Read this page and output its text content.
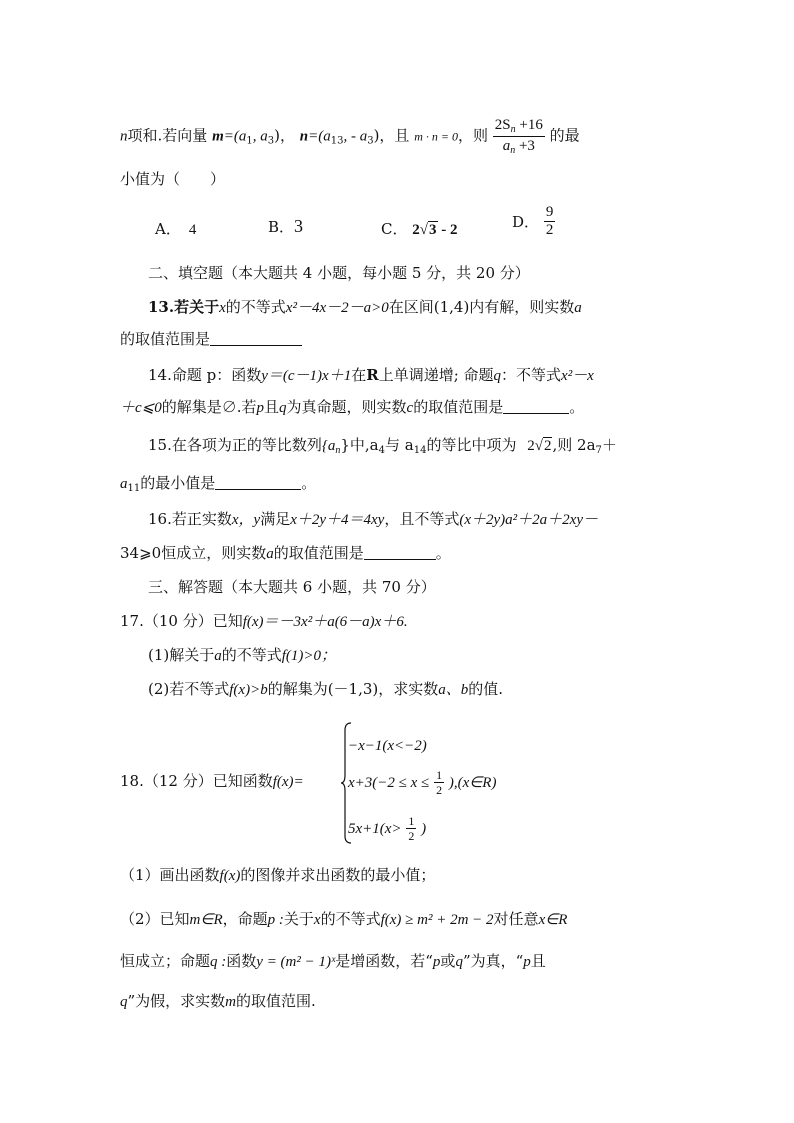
n项和.若向量 $m=(a_1$, $a_3$)， $n=(a_{13}$, - $a_3$)，且 m · n = 0，则 $\frac{2S_n +16}{a_n +3}$ 的最
小值为（　　）
A． 4	B．3	C． 2√3 - 2	D． $\frac{9}{2}$
二、填空题（本大题共 4 小题，每小题 5 分，共 20 分）
13.若关于x的不等式x²－4x－2－a>0在区间(1,4)内有解，则实数a
的取值范围是
14.命题 p：函数y＝(c－1)x＋1在R上单调递增; 命题q：不等式x²－x
＋c⩽0的解集是∅.若p且q为真命题，则实数c的取值范围是	。
15.在各项为正的等比数列$\{a_n\}$中$,a_4$与 $a_{14}$的等比中项为 2√2,则 $2a_7+$
$a_{11}$的最小值是	。
16.若正实数x，y满足x＋2y＋4＝4xy，且不等式(x＋2y)a²＋2a＋2xy－
34⩾0恒成立，则实数a的取值范围是	。
三、解答题（本大题共 6 小题，共 70 分）
17.（10 分）已知f(x)＝－3x²＋a(6－a)x＋6.
(1)解关于a的不等式f(1)>0；
(2)若不等式f(x)>b的解集为(－1,3)，求实数a、b的值.
18.（12 分）已知函数f(x)=
−x−1(x<−2)
$x+3(-2 \le x \le \frac{1}{2}$ ),(x∈R)
$5x+1(x> \frac{1}{2}$ )
（1）画出函数f(x)的图像并求出函数的最小值；
（2）已知m∈R，命题p :关于x的不等式f(x) ≥ m² + 2m − 2对任意x∈R
恒成立；命题q :函数y = (m² − 1)ˣ是增函数，若“p或q”为真，“p且
q”为假，求实数m的取值范围.
